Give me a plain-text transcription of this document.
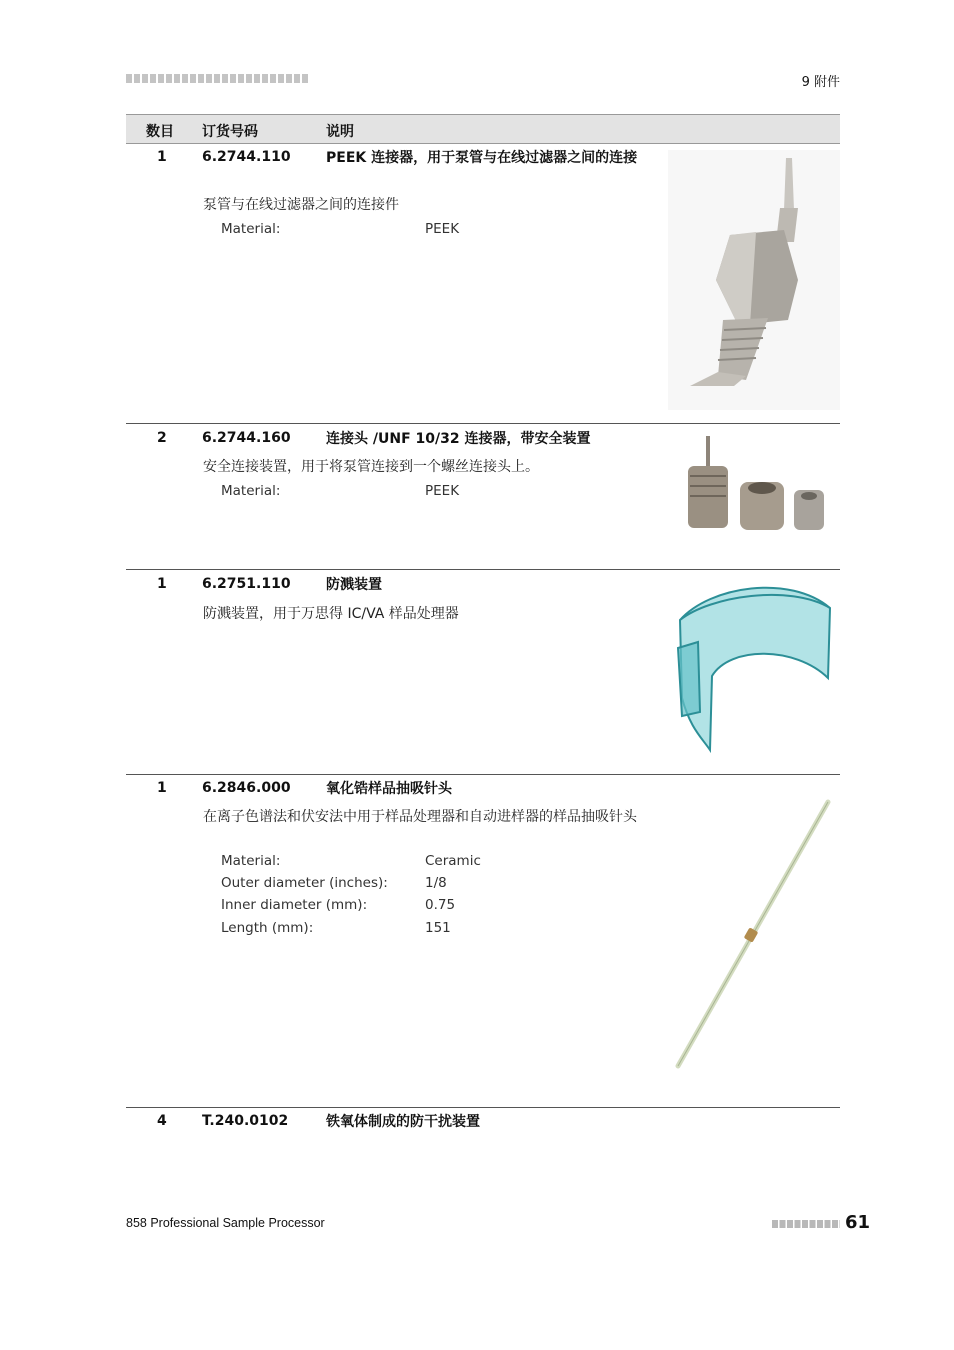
9 附件
数目 订货号码	说明
1	6.2744.110	PEEK 连接器，用于泵管与在线过滤器之间的连接
泵管与在线过滤器之间的连接件
Material:	PEEK
2	6.2744.160	连接头 /UNF 10/32 连接器，带安全装置
安全连接装置，用于将泵管连接到一个螺丝连接头上。
Material:	PEEK
1	6.2751.110	防溅装置
防溅装置，用于万思得 IC/VA 样品处理器
1	6.2846.000	氧化锆样品抽吸针头
在离子色谱法和伏安法中用于样品处理器和自动进样器的样品抽吸针头
Material:	Ceramic
Outer diameter (inches):	1/8
Inner diameter (mm):	0.75
Length (mm):	151
4	T.240.0102	铁氧体制成的防干扰装置
858 Professional Sample Processor	61
